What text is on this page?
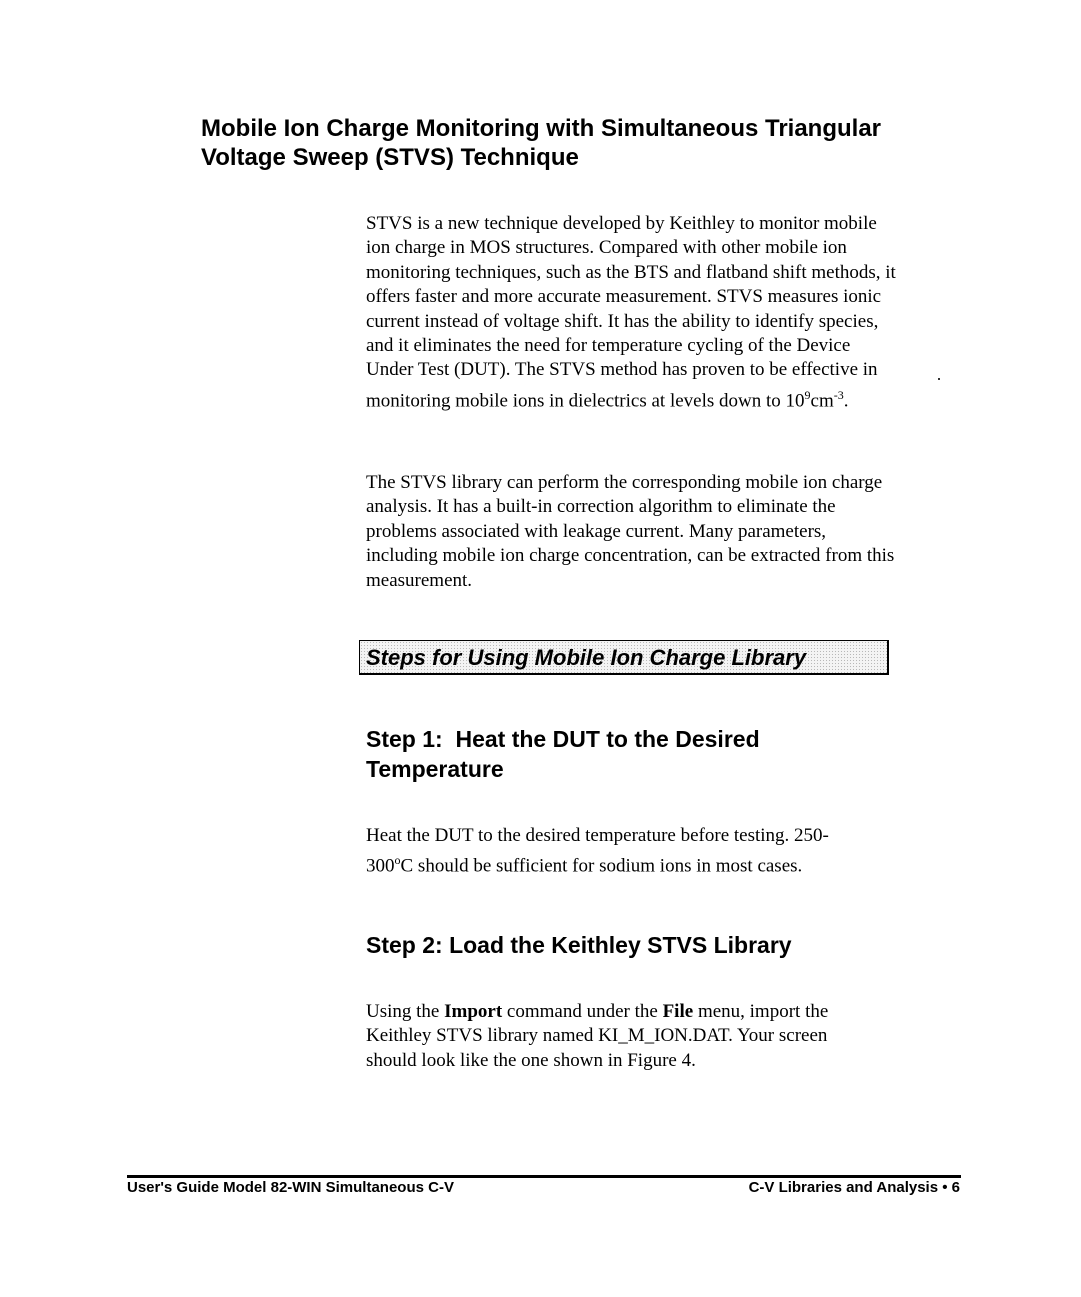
Mobile Ion Charge Monitoring with Simultaneous Triangular
Voltage Sweep (STVS) Technique

STVS is a new technique developed by Keithley to monitor mobile ion charge in MOS structures. Compared with other mobile ion monitoring techniques, such as the BTS and flatband shift methods, it offers faster and more accurate measurement. STVS measures ionic current instead of voltage shift. It has the ability to identify species, and it eliminates the need for temperature cycling of the Device Under Test (DUT). The STVS method has proven to be effective in monitoring mobile ions in dielectrics at levels down to $10^9cm^{-3}$.

The STVS library can perform the corresponding mobile ion charge analysis. It has a built-in correction algorithm to eliminate the problems associated with leakage current. Many parameters, including mobile ion charge concentration, can be extracted from this measurement.

Steps for Using Mobile Ion Charge Library
Step 1:  Heat the DUT to the Desired
Temperature

Heat the DUT to the desired temperature before testing. 250-300$^o$C should be sufficient for sodium ions in most cases.

Step 2: Load the Keithley STVS Library

Using the Import command under the File menu, import the Keithley STVS library named KI_M_ION.DAT. Your screen should look like the one shown in Figure 4.

User's Guide Model 82-WIN Simultaneous C-V	C-V Libraries and Analysis • 6
